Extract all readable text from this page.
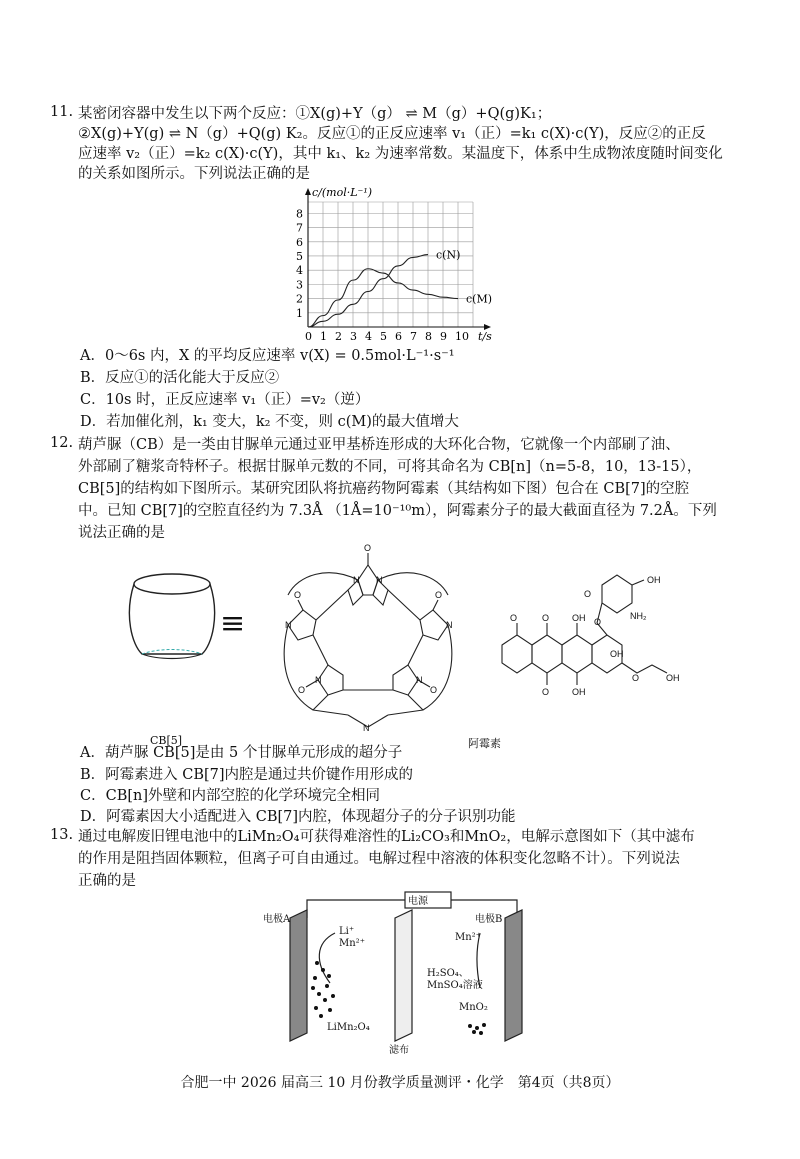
11. 某密闭容器中发生以下两个反应：①X(g)+Y（g） ⇌ M（g）+Q(g)K₁；
②X(g)+Y(g) ⇌ N（g）+Q(g) K₂。反应①的正反应速率 v₁（正）=k₁ c(X)·c(Y)，反应②的正反
应速率 v₂（正）=k₂ c(X)·c(Y)，其中 k₁、k₂ 为速率常数。某温度下，体系中生成物浓度随时间变化
的关系如图所示。下列说法正确的是
0 1 2 3 4 5 6 7 8 9 10
1
2
3
4
5
6
7
8
c(N)
c(M)
c/(mol·L⁻¹)
t/s
A．0～6s 内，X 的平均反应速率 v(X) = 0.5mol·L⁻¹·s⁻¹
B．反应①的活化能大于反应②
C．10s 时，正反应速率 v₁（正）=v₂（逆）
D．若加催化剂，k₁ 变大，k₂ 不变，则 c(M)的最大值增大
12. 葫芦脲（CB）是一类由甘脲单元通过亚甲基桥连形成的大环化合物，它就像一个内部刷了油、
外部刷了糖浆奇特杯子。根据甘脲单元数的不同，可将其命名为 CB[n]（n=5-8，10，13-15），
CB[5]的结构如下图所示。某研究团队将抗癌药物阿霉素（其结构如下图）包合在 CB[7]的空腔
中。已知 CB[7]的空腔直径约为 7.3Å （1Å=10⁻¹⁰m），阿霉素分子的最大截面直径为 7.2Å。下列
说法正确的是
≡
O
O	O
O	O
N N
N	N
N	N
N
CB[5]
O	O	OH
O	OH
O
O	OH
OH
NH₂
O
OH
阿霉素
A．葫芦脲 CB[5]是由 5 个甘脲单元形成的超分子
B．阿霉素进入 CB[7]内腔是通过共价键作用形成的
C．CB[n]外壁和内部空腔的化学环境完全相同
D．阿霉素因大小适配进入 CB[7]内腔，体现超分子的分子识别功能
13. 通过电解废旧锂电池中的LiMn₂O₄可获得难溶性的Li₂CO₃和MnO₂，电解示意图如下（其中滤布
的作用是阻挡固体颗粒，但离子可自由通过。电解过程中溶液的体积变化忽略不计）。下列说法
正确的是
电源
电极A	电极B
Li⁺
Mn²⁺
Mn²⁺
H₂SO₄、
MnSO₄溶液
MnO₂
LiMn₂O₄
滤布
合肥一中 2026 届高三 10 月份教学质量测评・化学　第4页（共8页）
